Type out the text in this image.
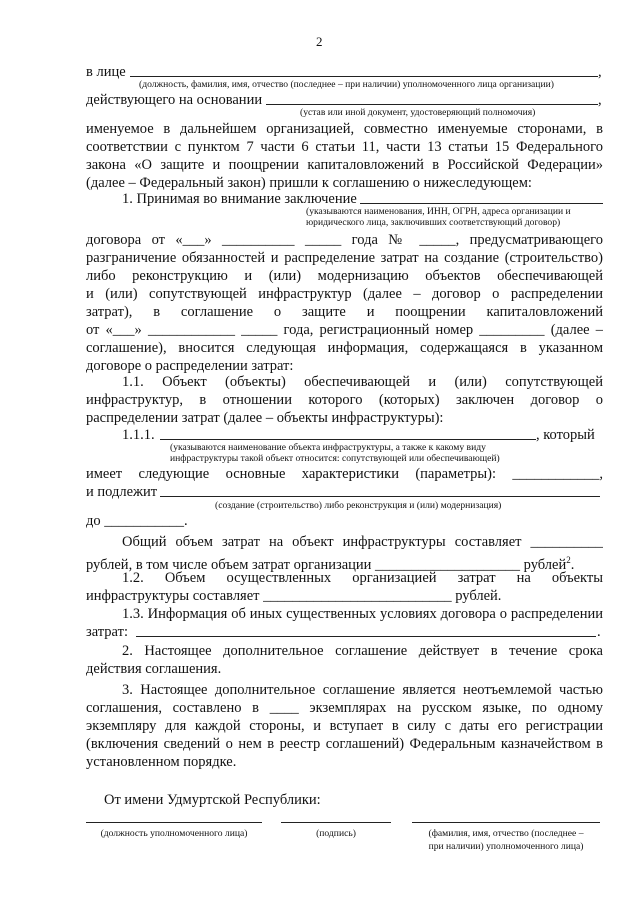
2
в лице	,
(должность, фамилия, имя, отчество (последнее – при наличии) уполномоченного лица организации)
действующего на основании	,
(устав или иной документ, удостоверяющий полномочия)
именуемое в дальнейшем организацией, совместно именуемые сторонами, в
соответствии с пунктом 7 части 6 статьи 11, части 13 статьи 15 Федерального
закона «О защите и поощрении капиталовложений в Российской Федерации»
(далее – Федеральный закон) пришли к соглашению о нижеследующем:
1. Принимая во внимание заключение
(указываются наименования, ИНН, ОГРН, адреса организации и
юридического лица, заключивших соответствующий договор)
договора от «___» __________ _____ года № _____, предусматривающего
разграничение обязанностей и распределение затрат на создание (строительство)
либо реконструкцию и (или) модернизацию объектов обеспечивающей
и (или) сопутствующей инфраструктур (далее – договор о распределении
затрат), в соглашение о защите и поощрении капиталовложений
от «___» ____________ _____ года, регистрационный номер _________ (далее –
соглашение), вносится следующая информация, содержащаяся в указанном
договоре о распределении затрат:
1.1. Объект (объекты) обеспечивающей и (или) сопутствующей
инфраструктур, в отношении которого (которых) заключен договор о
распределении затрат (далее – объекты инфраструктуры):
1.1.1.	, который
(указываются наименование объекта инфраструктуры, а также к какому виду
инфраструктуры такой объект относится: сопутствующей или обеспечивающей)
имеет следующие основные характеристики (параметры): ____________,
и подлежит
(создание (строительство) либо реконструкция и (или) модернизация)
до ___________.
Общий объем затрат на объект инфраструктуры составляет __________
рублей, в том числе объем затрат организации ____________________ рублей$^2$.
1.2. Объем осуществленных организацией затрат на объекты
инфраструктуры составляет __________________________ рублей.
1.3. Информация об иных существенных условиях договора о распределении
затрат:	.
2. Настоящее дополнительное соглашение действует в течение срока
действия соглашения.
3. Настоящее дополнительное соглашение является неотъемлемой частью
соглашения, составлено в ____ экземплярах на русском языке, по одному
экземпляру для каждой стороны, и вступает в силу с даты его регистрации
(включения сведений о нем в реестр соглашений) Федеральным казначейством в
установленном порядке.
От имени Удмуртской Республики:
(должность уполномоченного лица)	(подпись)	(фамилия, имя, отчество (последнее –
при наличии) уполномоченного лица)
